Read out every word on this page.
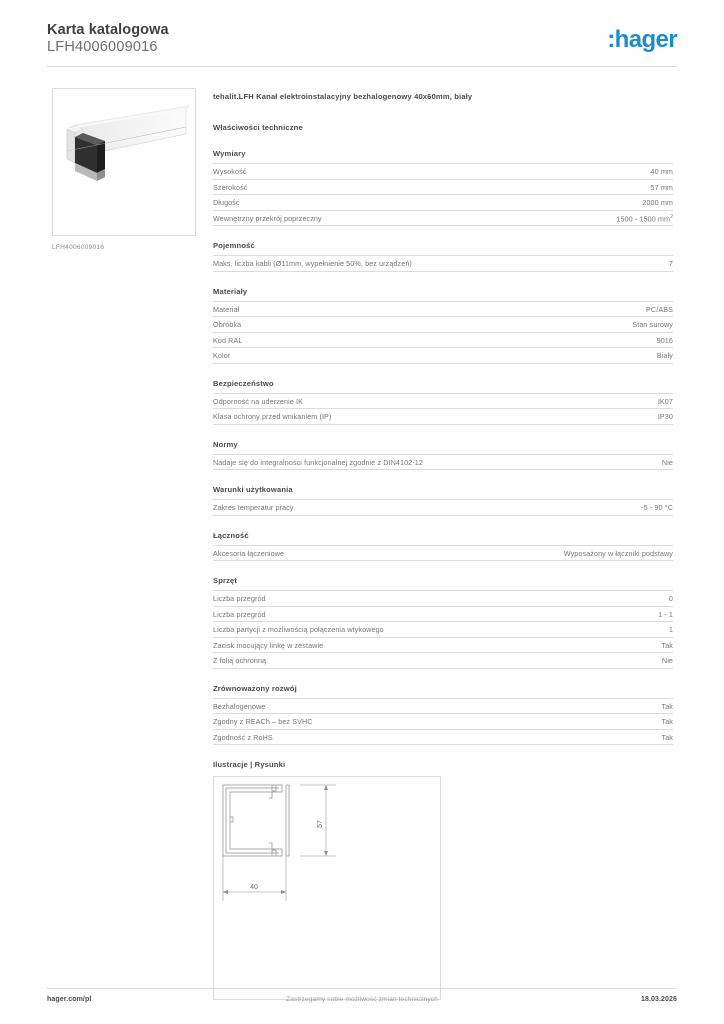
Karta katalogowa
LFH4006009016	:hager
LFH4006009016
tehalit.LFH Kanał elektroinstalacyjny bezhalogenowy 40x60mm, biały
Właściwości techniczne
Wymiary
Wysokość	40 mm
Szerokość	57 mm
Długość	2000 mm
Wewnętrzny przekrój poprzeczny	1500 - 1500 $mm^2$
Pojemność
Maks. liczba kabli (Ø11mm, wypełnienie 50%, bez urządzeń)	7
Materiały
Materiał	PC/ABS
Obróbka	Stan surowy
Kod RAL	9016
Kolor	Biały
Bezpieczeństwo
Odporność na uderzenie IK	IK07
Klasa ochrony przed wnikaniem (IP)	IP30
Normy
Nadaje się do integralności funkcjonalnej zgodnie z DIN4102-12	Nie
Warunki użytkowania
Zakres temperatur pracy	-5 - 90 °C
Łączność
Akcesoria łączeniowe	Wyposażony w łączniki podstawy
Sprzęt
Liczba przegród	0
Liczba przegród	1 - 1
Liczba partycji z możliwością połączenia wtykowego	1
Zacisk mocujący linkę w zestawie	Tak
Z folią ochronną	Nie
Zrównoważony rozwój
Bezhalogenowe	Tak
Zgodny z REACh – bez SVHC	Tak
Zgodność z RoHS	Tak
Ilustracje | Rysunki
57
40
hager.com/pl	Zastrzegamy sobie możliwość zmian technicznych	18.03.2026
